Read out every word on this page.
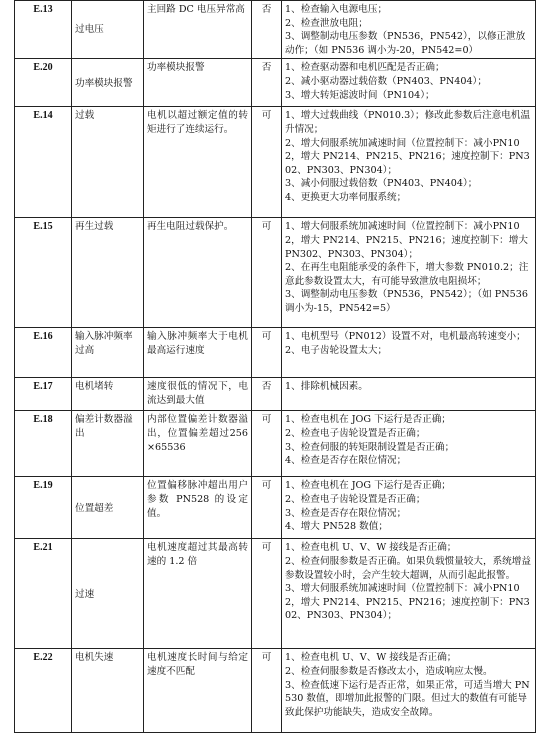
E.13	过电压	主回路 DC 电压异常高	否	1、检查输入电源电压；
2、检查泄放电阻；
3、调整制动电压参数（PN536，PN542），以修正泄放动作；（如 PN536 调小为-20，PN542=0）

E.20	功率模块报警	功率模块报警	否	1、检查驱动器和电机匹配是否正确；
2、减小驱动器过载倍数（PN403、PN404）；
3、增大转矩滤波时间（PN104）；

E.14	过载	电机以超过额定值的转矩进行了连续运行。	可	1、增大过载曲线（PN010.3）；修改此参数后注意电机温升情况；
2、增大伺服系统加减速时间（位置控制下：减小PN102，增大 PN214、PN215、PN216；速度控制下：PN302、PN303、PN304）；
3、减小伺服过载倍数（PN403、PN404）；
4、更换更大功率伺服系统；

E.15	再生过载	再生电阻过载保护。	可	1、增大伺服系统加减速时间（位置控制下：减小PN102，增大 PN214、PN215、PN216；速度控制下：增大 PN302、PN303、PN304）；
2、在再生电阻能承受的条件下，增大参数 PN010.2；注意此参数设置太大，有可能导致泄放电阻损坏；
3、调整制动电压参数（PN536，PN542）；（如 PN536调小为-15，PN542=5）

E.16	输入脉冲频率过高	输入脉冲频率大于电机最高运行速度	可	1、电机型号（PN012）设置不对，电机最高转速变小；
2、电子齿轮设置太大；

E.17	电机堵转	速度很低的情况下，电流达到最大值	否	1、排除机械因素。

E.18	偏差计数器溢出	内部位置偏差计数器溢出，位置偏差超过256×65536	可	1、检查电机在 JOG 下运行是否正确；
2、检查电子齿轮设置是否正确；
3、检查伺服的转矩限制设置是否正确；
4、检查是否存在限位情况；

E.19	位置超差	位置偏移脉冲超出用户参数 PN528 的设定值。	可	1、检查电机在 JOG 下运行是否正确；
2、检查电子齿轮设置是否正确；
3、检查是否存在限位情况；
4、增大 PN528 数值；

E.21	过速	电机速度超过其最高转速的 1.2 倍	可	1、检查电机 U、V、W 接线是否正确；
2、检查伺服参数是否正确。如果负载惯量较大，系统增益参数设置较小时，会产生较大超调，从而引起此报警。
3、增大伺服系统加减速时间（位置控制下：减小PN102，增大 PN214、PN215、PN216；速度控制下：PN302、PN303、PN304）；

E.22	电机失速	电机速度长时间与给定速度不匹配	可	1、检查电机 U、V、W 接线是否正确；
2、检查伺服参数是否修改太小，造成响应太慢。
3、检查低速下运行是否正常，如果正常，可适当增大 PN530 数值，即增加此报警的门限。但过大的数值有可能导致此保护功能缺失，造成安全故障。
